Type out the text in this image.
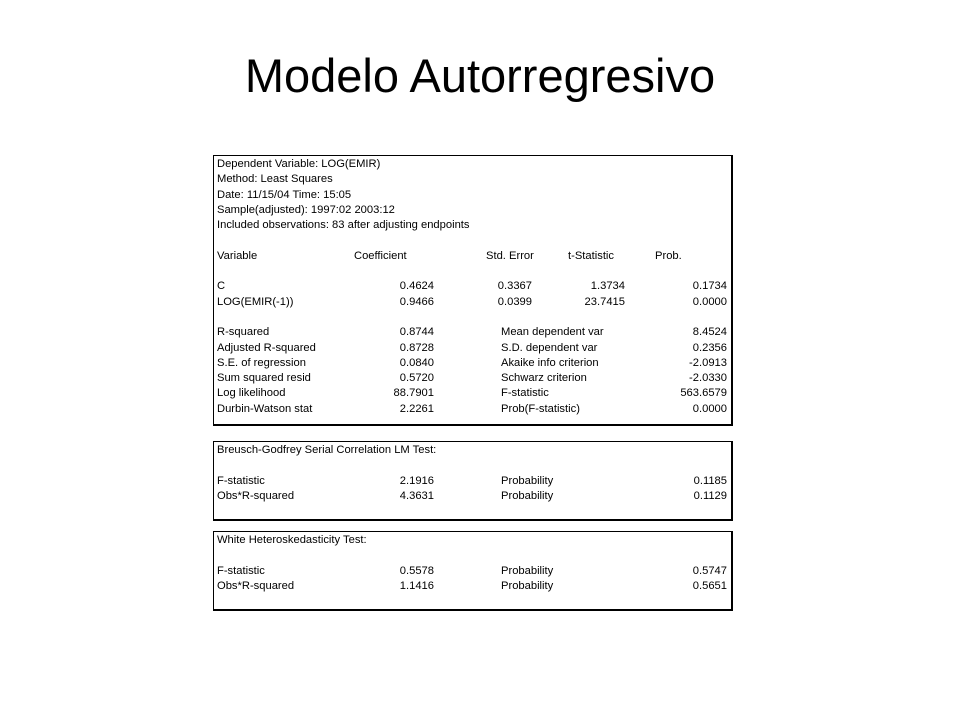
Modelo Autorregresivo
Dependent Variable: LOG(EMIR)
Method: Least Squares
Date: 11/15/04 Time: 15:05
Sample(adjusted): 1997:02 2003:12
Included observations: 83 after adjusting endpoints
Variable	Coefficient	Std. Error	t-Statistic	Prob.
C	0.4624	0.3367	1.3734	0.1734
LOG(EMIR(-1))	0.9466	0.0399	23.7415	0.0000
R-squared	0.8744	Mean dependent var	8.4524
Adjusted R-squared	0.8728	S.D. dependent var	0.2356
S.E. of regression	0.0840	Akaike info criterion	-2.0913
Sum squared resid	0.5720	Schwarz criterion	-2.0330
Log likelihood	88.7901	F-statistic	563.6579
Durbin-Watson stat	2.2261	Prob(F-statistic)	0.0000
Breusch-Godfrey Serial Correlation LM Test:
F-statistic	2.1916	Probability	0.1185
Obs*R-squared	4.3631	Probability	0.1129
White Heteroskedasticity Test:
F-statistic	0.5578	Probability	0.5747
Obs*R-squared	1.1416	Probability	0.5651
